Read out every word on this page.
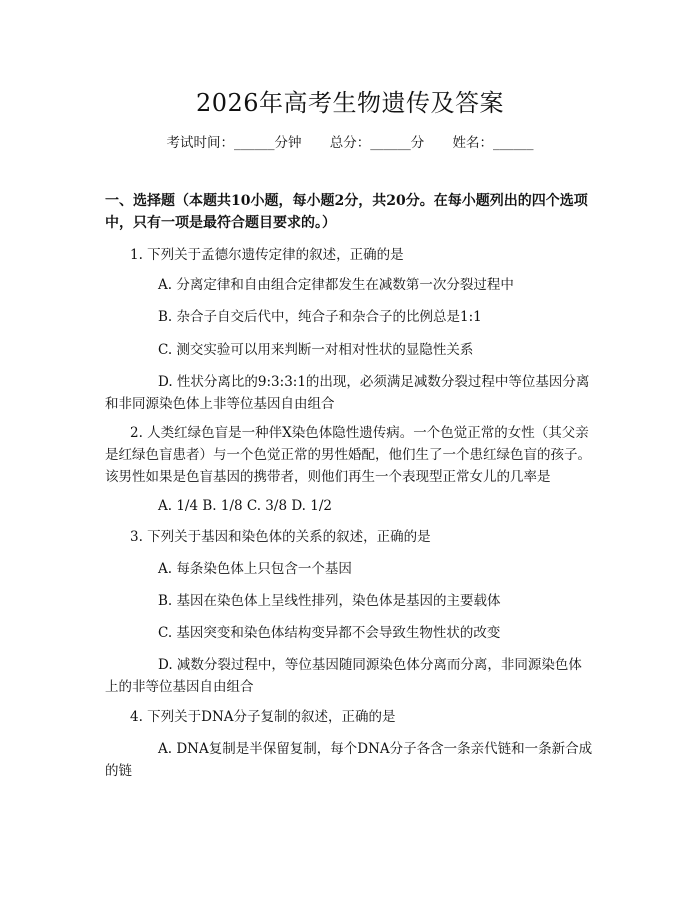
2026年高考生物遗传及答案
考试时间：______分钟 总分：______分 姓名：______
一、选择题（本题共10小题，每小题2分，共20分。在每小题列出的四个选项中，只有一项是最符合题目要求的。）
1. 下列关于孟德尔遗传定律的叙述，正确的是
A. 分离定律和自由组合定律都发生在减数第一次分裂过程中
B. 杂合子自交后代中，纯合子和杂合子的比例总是1:1
C. 测交实验可以用来判断一对相对性状的显隐性关系
D. 性状分离比的9:3:3:1的出现，必须满足减数分裂过程中等位基因分离和非同源染色体上非等位基因自由组合
2. 人类红绿色盲是一种伴X染色体隐性遗传病。一个色觉正常的女性（其父亲是红绿色盲患者）与一个色觉正常的男性婚配，他们生了一个患红绿色盲的孩子。该男性如果是色盲基因的携带者，则他们再生一个表现型正常女儿的几率是
A. 1/4 B. 1/8 C. 3/8 D. 1/2
3. 下列关于基因和染色体的关系的叙述，正确的是
A. 每条染色体上只包含一个基因
B. 基因在染色体上呈线性排列，染色体是基因的主要载体
C. 基因突变和染色体结构变异都不会导致生物性状的改变
D. 减数分裂过程中，等位基因随同源染色体分离而分离，非同源染色体上的非等位基因自由组合
4. 下列关于DNA分子复制的叙述，正确的是
A. DNA复制是半保留复制，每个DNA分子各含一条亲代链和一条新合成的链
